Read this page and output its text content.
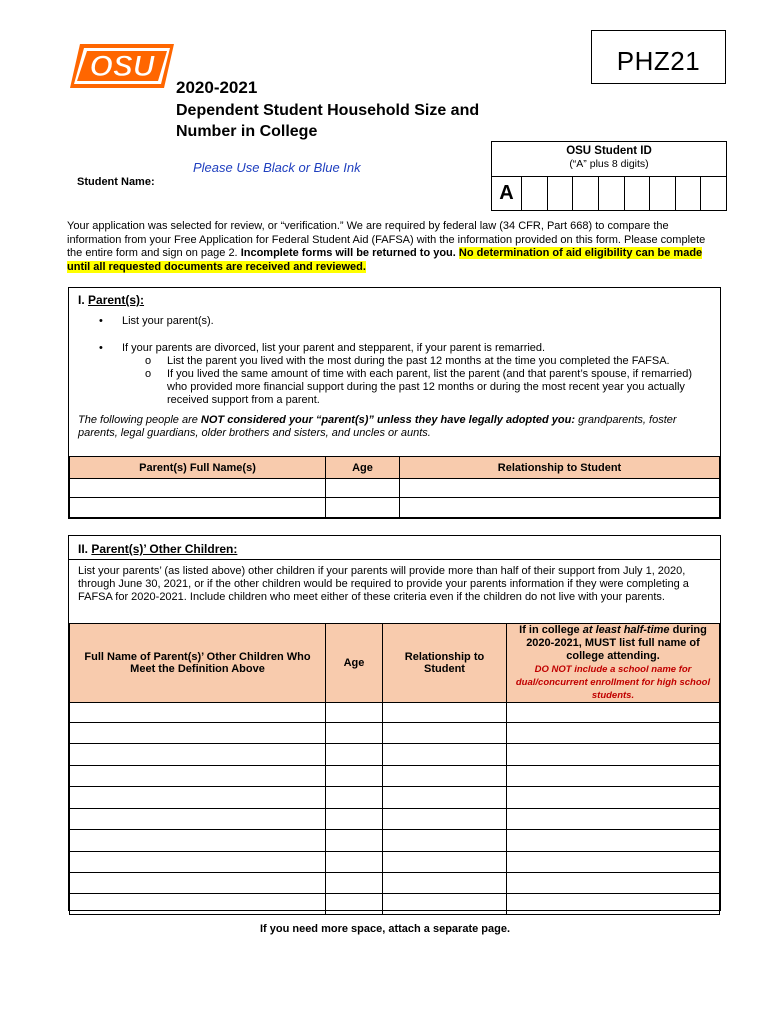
OSU	PHZ21
2020-2021
Dependent Student Household Size and
Number in College
Please Use Black or Blue Ink
OSU Student ID
(“A” plus 8 digits)
A
Student Name:
Your application was selected for review, or “verification.” We are required by federal law (34 CFR, Part 668) to compare the information from your Free Application for Federal Student Aid (FAFSA) with the information provided on this form. Please complete the entire form and sign on page 2. Incomplete forms will be returned to you. No determination of aid eligibility can be made until all requested documents are received and reviewed.
I. Parent(s):
• List your parent(s).
• If your parents are divorced, list your parent and stepparent, if your parent is remarried.
o List the parent you lived with the most during the past 12 months at the time you completed the FAFSA.
o If you lived the same amount of time with each parent, list the parent (and that parent’s spouse, if remarried) who provided more financial support during the past 12 months or during the most recent year you actually received support from a parent.
The following people are NOT considered your “parent(s)” unless they have legally adopted you: grandparents, foster parents, legal guardians, older brothers and sisters, and uncles or aunts.
Parent(s) Full Name(s)	Age	Relationship to Student

II. Parent(s)’ Other Children:
List your parents’ (as listed above) other children if your parents will provide more than half of their support from July 1, 2020, through June 30, 2021, or if the other children would be required to provide your parents information if they were completing a FAFSA for 2020-2021. Include children who meet either of these criteria even if the children do not live with your parents.
Full Name of Parent(s)’ Other Children Who Meet the Definition Above	Age	Relationship to Student	If in college at least half-time during 2020-2021, MUST list full name of college attending.
DO NOT include a school name for dual/concurrent enrollment for high school students.

If you need more space, attach a separate page.
